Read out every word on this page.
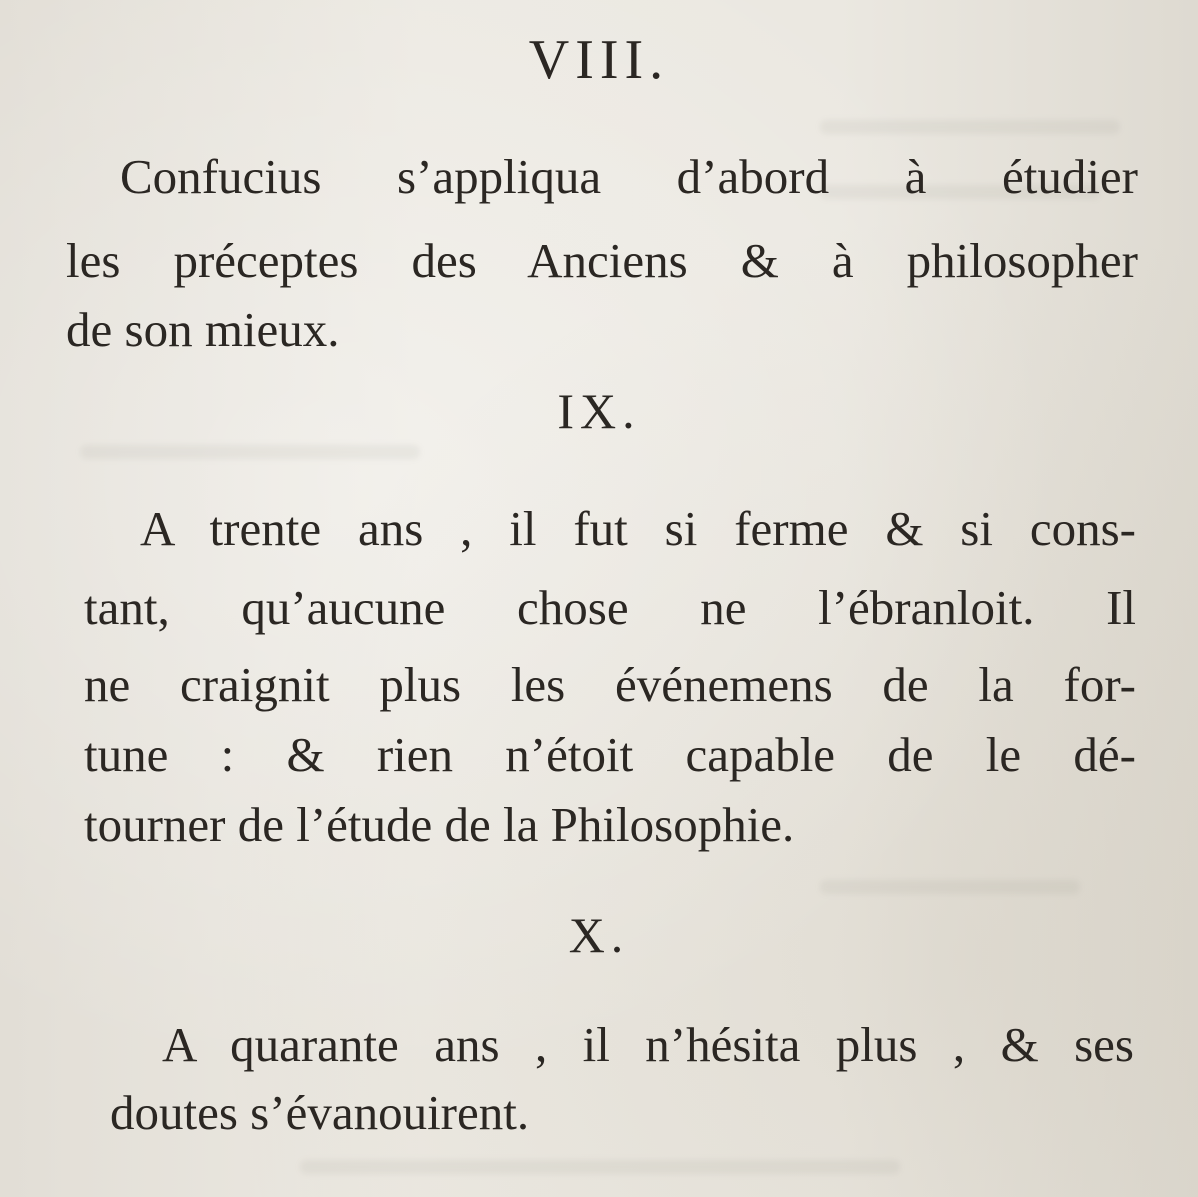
VIII.

Confucius s’appliqua d’abord à étudier

les préceptes des Anciens & à philosopher

de son mieux.

IX.

A trente ans , il fut si ferme & si cons-

tant, qu’aucune chose ne l’ébranloit. Il

ne craignit plus les événemens de la for-

tune : & rien n’étoit capable de le dé-

tourner de l’étude de la Philosophie.

X.

A quarante ans , il n’hésita plus , & ses

doutes s’évanouirent.
